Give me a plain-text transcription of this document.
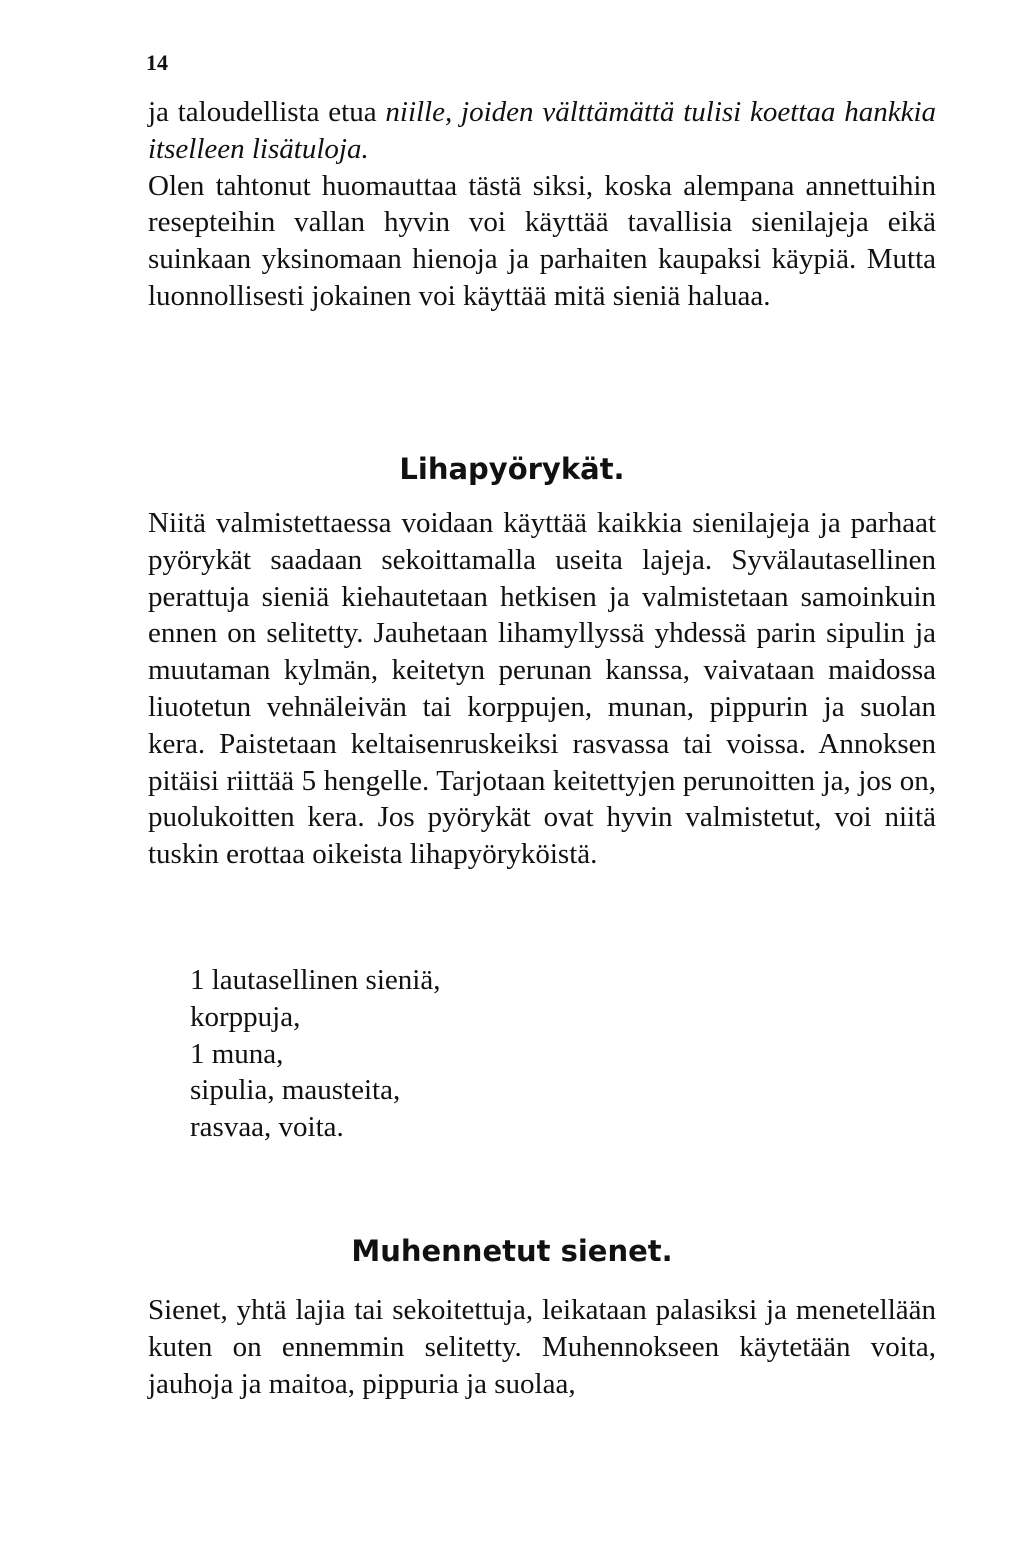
14

ja taloudellista etua niille, joiden välttämättä tulisi koettaa hankkia itselleen lisätuloja.

Olen tahtonut huomauttaa tästä siksi, koska alempana annettuihin resepteihin vallan hyvin voi käyttää tavallisia sienilajeja eikä suinkaan yksinomaan hienoja ja parhaiten kaupaksi käypiä. Mutta luonnollisesti jokainen voi käyttää mitä sieniä haluaa.

Lihapyörykät.

Niitä valmistettaessa voidaan käyttää kaikkia sienilajeja ja parhaat pyörykät saadaan sekoittamalla useita lajeja. Syvälautasellinen perattuja sieniä kiehautetaan hetkisen ja valmistetaan samoinkuin ennen on selitetty. Jauhetaan lihamyllyssä yhdessä parin sipulin ja muutaman kylmän, keitetyn perunan kanssa, vaivataan maidossa liuotetun vehnäleivän tai korppujen, munan, pippurin ja suolan kera. Paistetaan keltaisenruskeiksi rasvassa tai voissa. Annoksen pitäisi riittää 5 hengelle. Tarjotaan keitettyjen perunoitten ja, jos on, puolukoitten kera. Jos pyörykät ovat hyvin valmistetut, voi niitä tuskin erottaa oikeista lihapyöryköistä.

1 lautasellinen sieniä,
korppuja,
1 muna,
sipulia, mausteita,
rasvaa, voita.
Muhennetut sienet.

Sienet, yhtä lajia tai sekoitettuja, leikataan palasiksi ja menetellään kuten on ennemmin selitetty. Muhennokseen käytetään voita, jauhoja ja maitoa, pippuria ja suolaa,
